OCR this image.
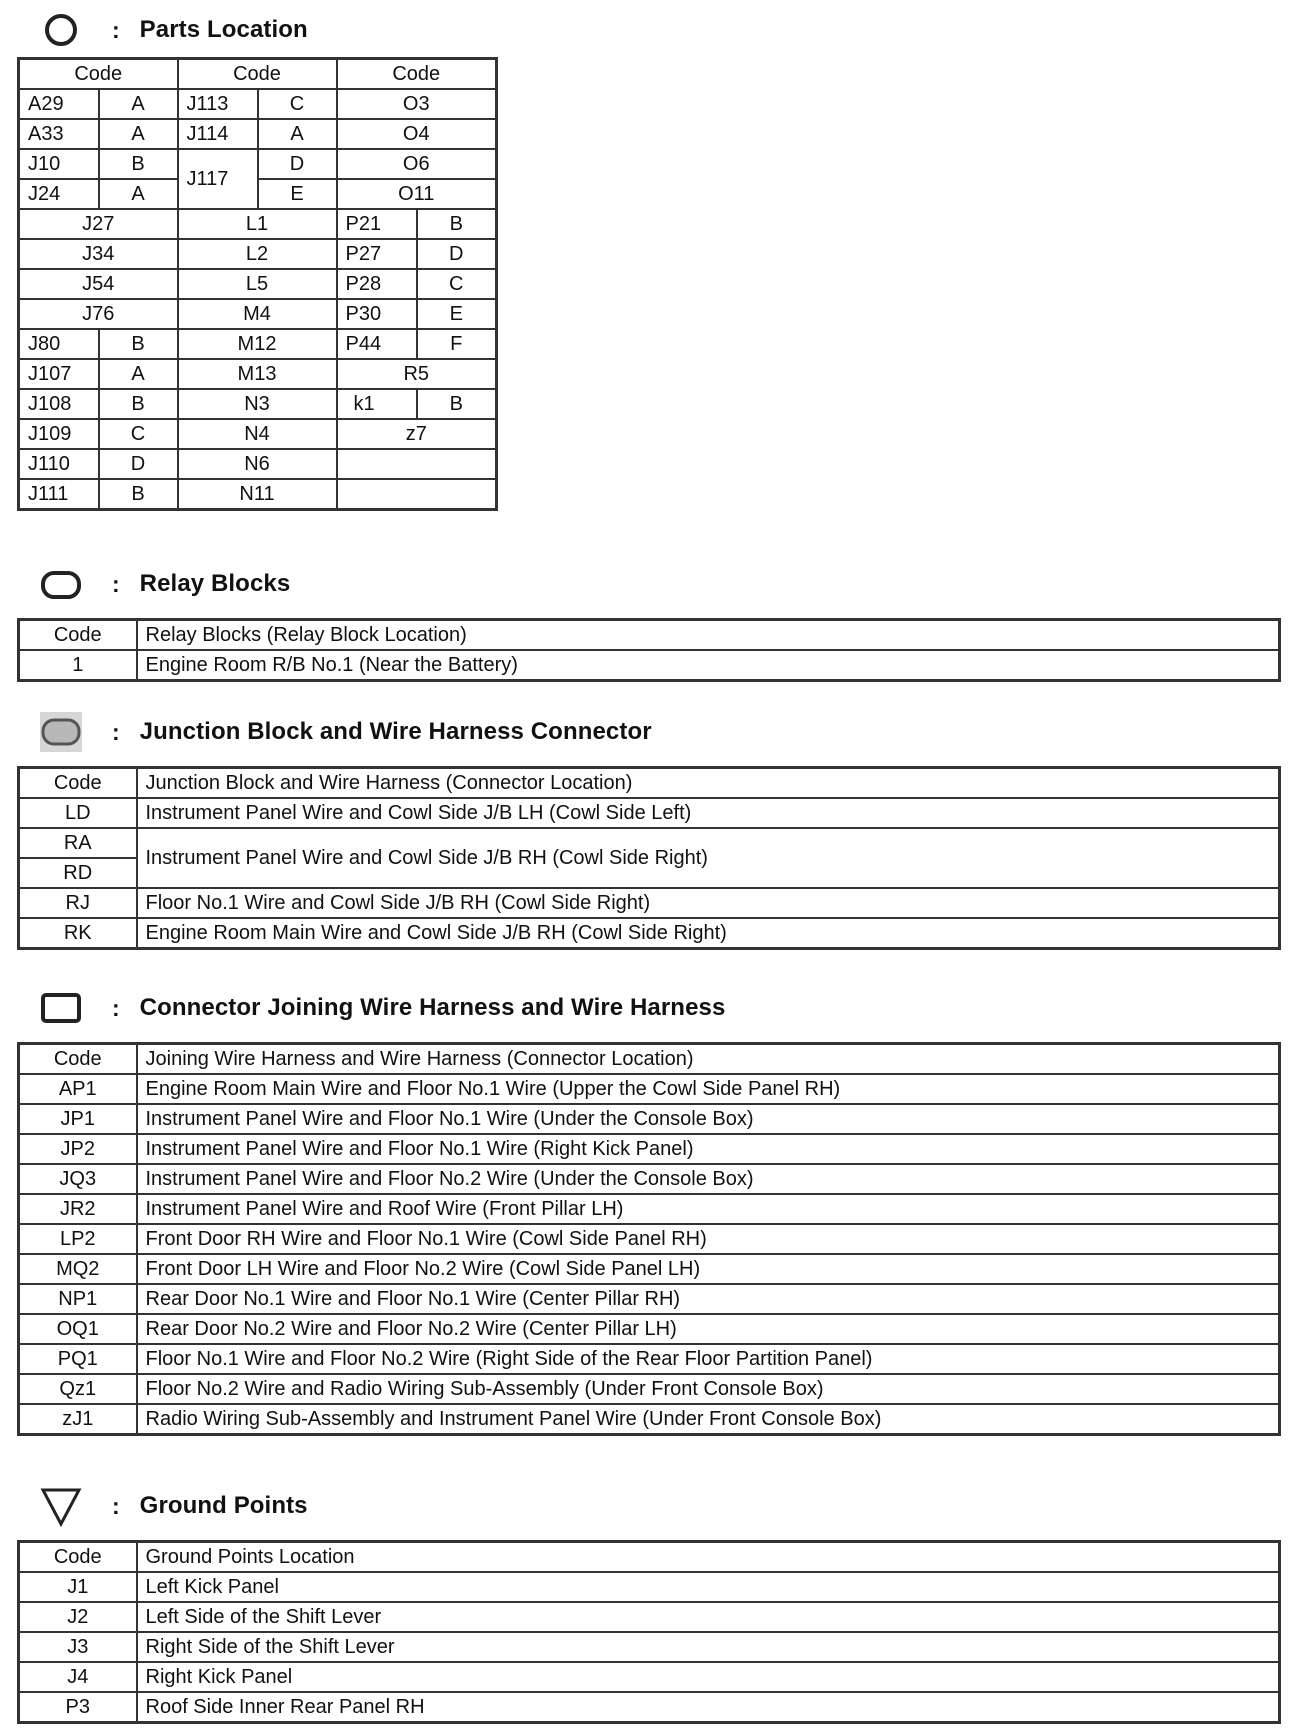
: Parts Location
Code		Code		Code	
A29	A	J113	C	O3	
A33	A	J114	A	O4	
J10	B	J117	D	O6	
J24	A		E	O11	
J27		L1		P21	B
J34		L2		P27	D
J54		L5		P28	C
J76		M4		P30	E
J80	B	M12		P44	F
J107	A	M13		R5	
J108	B	N3		k1	B
J109	C	N4		z7	
J110	D	N6			
J111	B	N11			
: Relay Blocks
Code	Relay Blocks (Relay Block Location)
1	Engine Room R/B No.1 (Near the Battery)
: Junction Block and Wire Harness Connector
Code	Junction Block and Wire Harness (Connector Location)
LD	Instrument Panel Wire and Cowl Side J/B LH (Cowl Side Left)
RA	Instrument Panel Wire and Cowl Side J/B RH (Cowl Side Right)
RD	
RJ	Floor No.1 Wire and Cowl Side J/B RH (Cowl Side Right)
RK	Engine Room Main Wire and Cowl Side J/B RH (Cowl Side Right)
: Connector Joining Wire Harness and Wire Harness
Code	Joining Wire Harness and Wire Harness (Connector Location)
AP1	Engine Room Main Wire and Floor No.1 Wire (Upper the Cowl Side Panel RH)
JP1	Instrument Panel Wire and Floor No.1 Wire (Under the Console Box)
JP2	Instrument Panel Wire and Floor No.1 Wire (Right Kick Panel)
JQ3	Instrument Panel Wire and Floor No.2 Wire (Under the Console Box)
JR2	Instrument Panel Wire and Roof Wire (Front Pillar LH)
LP2	Front Door RH Wire and Floor No.1 Wire (Cowl Side Panel RH)
MQ2	Front Door LH Wire and Floor No.2 Wire (Cowl Side Panel LH)
NP1	Rear Door No.1 Wire and Floor No.1 Wire (Center Pillar RH)
OQ1	Rear Door No.2 Wire and Floor No.2 Wire (Center Pillar LH)
PQ1	Floor No.1 Wire and Floor No.2 Wire (Right Side of the Rear Floor Partition Panel)
Qz1	Floor No.2 Wire and Radio Wiring Sub-Assembly (Under Front Console Box)
zJ1	Radio Wiring Sub-Assembly and Instrument Panel Wire (Under Front Console Box)
: Ground Points
Code	Ground Points Location
J1	Left Kick Panel
J2	Left Side of the Shift Lever
J3	Right Side of the Shift Lever
J4	Right Kick Panel
P3	Roof Side Inner Rear Panel RH
